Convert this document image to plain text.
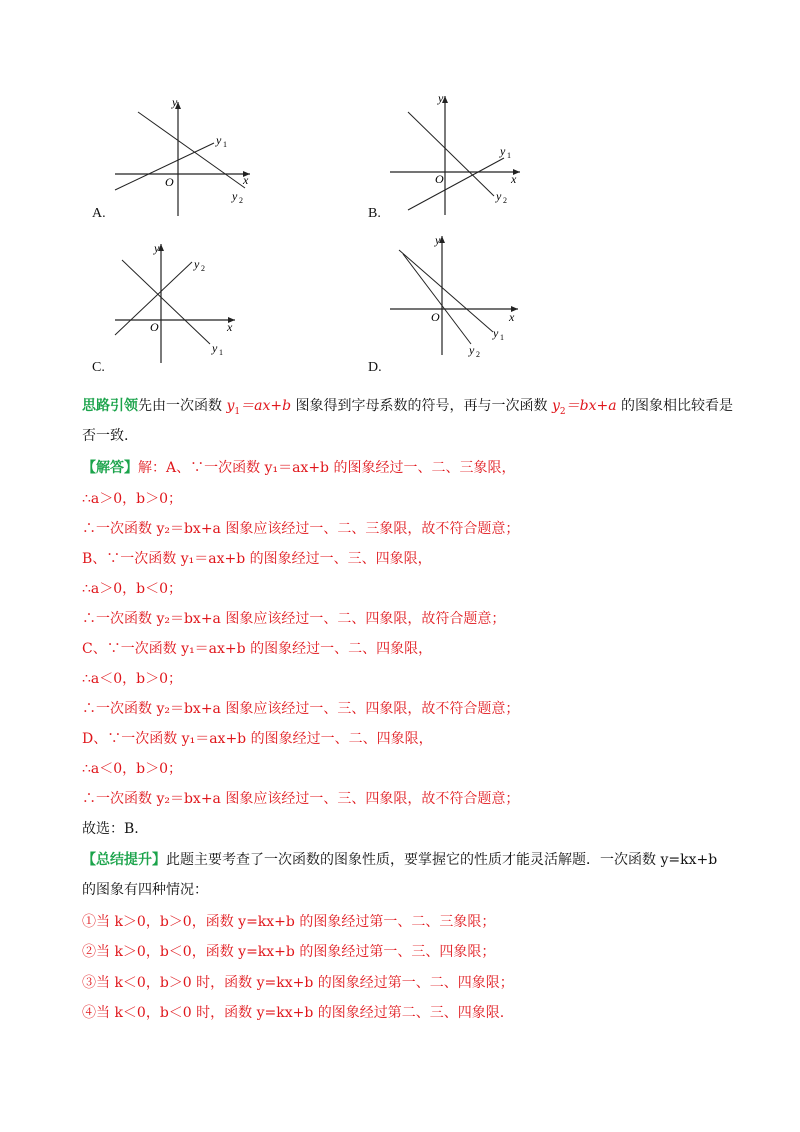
y
x
O
y 1
y 2
A.
y
x
O
y 1
y 2
B.
y
x
O
y 1
y 2
C.
y
x
O
y 1
y 2
D.
思路引领先由一次函数 $y_1=ax+b$ 图象得到字母系数的符号，再与一次函数 $y_2=bx+a$ 的图象相比较看是
否一致.
【解答】解：A、∵一次函数 y₁＝ax+b 的图象经过一、二、三象限，
∴a＞0，b＞0；
∴一次函数 y₂＝bx+a 图象应该经过一、二、三象限，故不符合题意；
B、∵一次函数 y₁＝ax+b 的图象经过一、三、四象限，
∴a＞0，b＜0；
∴一次函数 y₂＝bx+a 图象应该经过一、二、四象限，故符合题意；
C、∵一次函数 y₁＝ax+b 的图象经过一、二、四象限，
∴a＜0，b＞0；
∴一次函数 y₂＝bx+a 图象应该经过一、三、四象限，故不符合题意；
D、∵一次函数 y₁＝ax+b 的图象经过一、二、四象限，
∴a＜0，b＞0；
∴一次函数 y₂＝bx+a 图象应该经过一、三、四象限，故不符合题意；
故选：B.
【总结提升】此题主要考查了一次函数的图象性质，要掌握它的性质才能灵活解题．一次函数 y=kx+b
的图象有四种情况：
①当 k＞0，b＞0，函数 y=kx+b 的图象经过第一、二、三象限；
②当 k＞0，b＜0，函数 y=kx+b 的图象经过第一、三、四象限；
③当 k＜0，b＞0 时，函数 y=kx+b 的图象经过第一、二、四象限；
④当 k＜0，b＜0 时，函数 y=kx+b 的图象经过第二、三、四象限.
